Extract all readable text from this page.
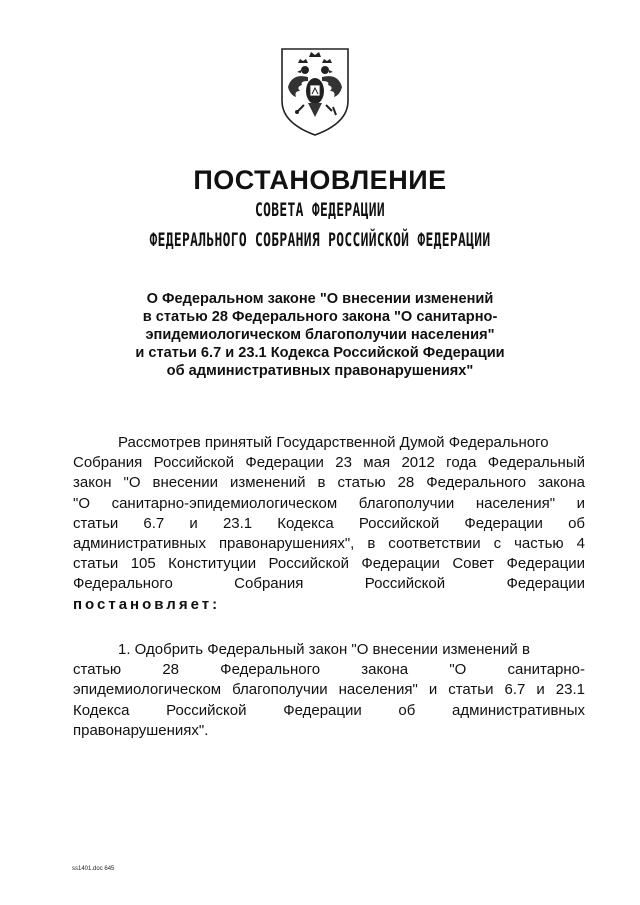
ПОСТАНОВЛЕНИЕ
СОВЕТА ФЕДЕРАЦИИ
ФЕДЕРАЛЬНОГО СОБРАНИЯ РОССИЙСКОЙ ФЕДЕРАЦИИ
О Федеральном законе "О внесении изменений
в статью 28 Федерального закона "О санитарно-
эпидемиологическом благополучии населения"
и статьи 6.7 и 23.1 Кодекса Российской Федерации
об административных правонарушениях"
Рассмотрев принятый Государственной Думой Федерального
Собрания Российской Федерации 23 мая 2012 года Федеральный
закон "О внесении изменений в статью 28 Федерального закона
"О санитарно-эпидемиологическом благополучии населения" и
статьи 6.7 и 23.1 Кодекса Российской Федерации об
административных правонарушениях", в соответствии с частью 4
статьи 105 Конституции Российской Федерации Совет Федерации
Федерального Собрания Российской Федерации
постановляет:
1. Одобрить Федеральный закон "О внесении изменений в
статью 28 Федерального закона "О санитарно-
эпидемиологическом благополучии населения" и статьи 6.7 и 23.1
Кодекса Российской Федерации об административных
правонарушениях".
ss1401.doc 645
